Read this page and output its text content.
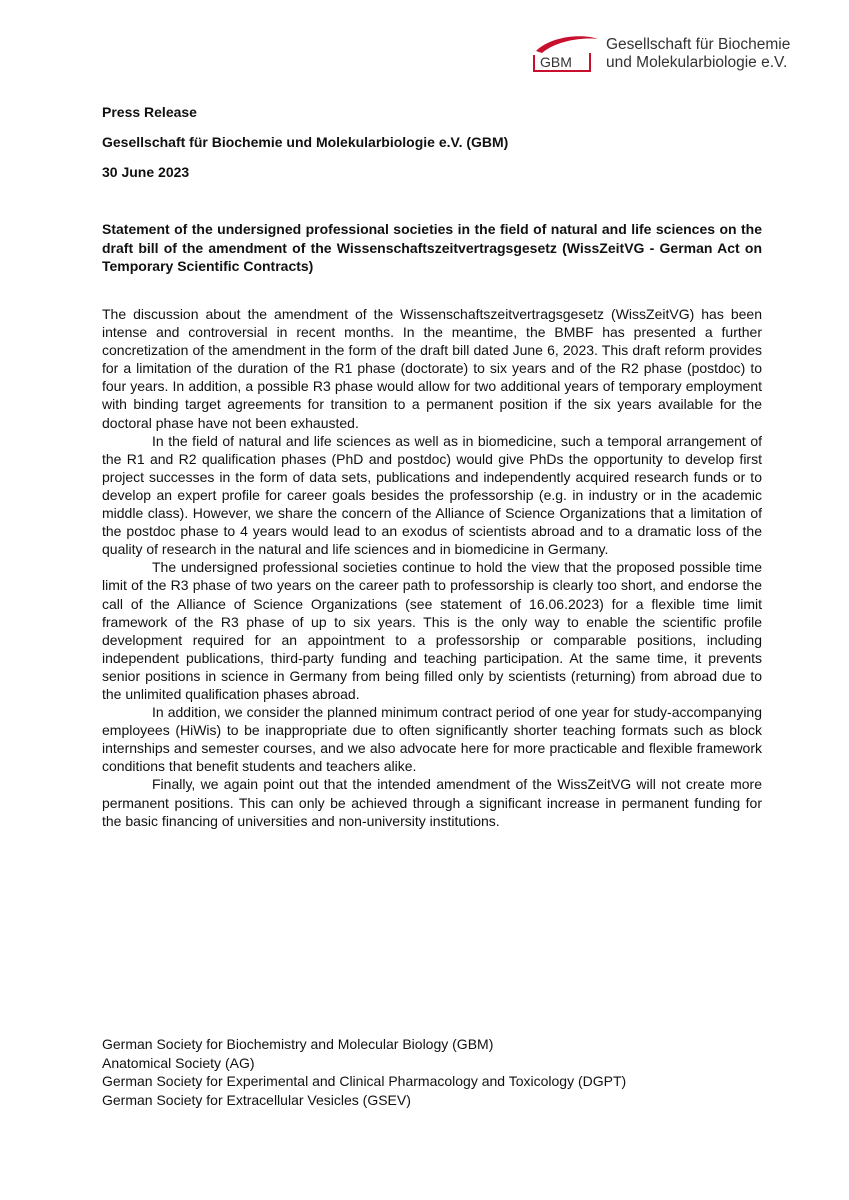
GBM
Gesellschaft für Biochemie
und Molekularbiologie e.V.
Press Release
Gesellschaft für Biochemie und Molekularbiologie e.V. (GBM)
30 June 2023
Statement of the undersigned professional societies in the field of natural and life sciences on the draft bill of the amendment of the Wissenschaftszeitvertragsgesetz (WissZeitVG - German Act on Temporary Scientific Contracts)

The discussion about the amendment of the Wissenschaftszeitvertragsgesetz (WissZeitVG) has been intense and controversial in recent months. In the meantime, the BMBF has presented a further concretization of the amendment in the form of the draft bill dated June 6, 2023. This draft reform provides for a limitation of the duration of the R1 phase (doctorate) to six years and of the R2 phase (postdoc) to four years. In addition, a possible R3 phase would allow for two additional years of temporary employment with binding target agreements for transition to a permanent position if the six years available for the doctoral phase have not been exhausted.

In the field of natural and life sciences as well as in biomedicine, such a temporal arrangement of the R1 and R2 qualification phases (PhD and postdoc) would give PhDs the opportunity to develop first project successes in the form of data sets, publications and independently acquired research funds or to develop an expert profile for career goals besides the professorship (e.g. in industry or in the academic middle class). However, we share the concern of the Alliance of Science Organizations that a limitation of the postdoc phase to 4 years would lead to an exodus of scientists abroad and to a dramatic loss of the quality of research in the natural and life sciences and in biomedicine in Germany.

The undersigned professional societies continue to hold the view that the proposed possible time limit of the R3 phase of two years on the career path to professorship is clearly too short, and endorse the call of the Alliance of Science Organizations (see statement of 16.06.2023) for a flexible time limit framework of the R3 phase of up to six years. This is the only way to enable the scientific profile development required for an appointment to a professorship or comparable positions, including independent publications, third-party funding and teaching participation. At the same time, it prevents senior positions in science in Germany from being filled only by scientists (returning) from abroad due to the unlimited qualification phases abroad.

In addition, we consider the planned minimum contract period of one year for study-accompanying employees (HiWis) to be inappropriate due to often significantly shorter teaching formats such as block internships and semester courses, and we also advocate here for more practicable and flexible framework conditions that benefit students and teachers alike.

Finally, we again point out that the intended amendment of the WissZeitVG will not create more permanent positions. This can only be achieved through a significant increase in permanent funding for the basic financing of universities and non-university institutions.

German Society for Biochemistry and Molecular Biology (GBM)
Anatomical Society (AG)
German Society for Experimental and Clinical Pharmacology and Toxicology (DGPT)
German Society for Extracellular Vesicles (GSEV)
